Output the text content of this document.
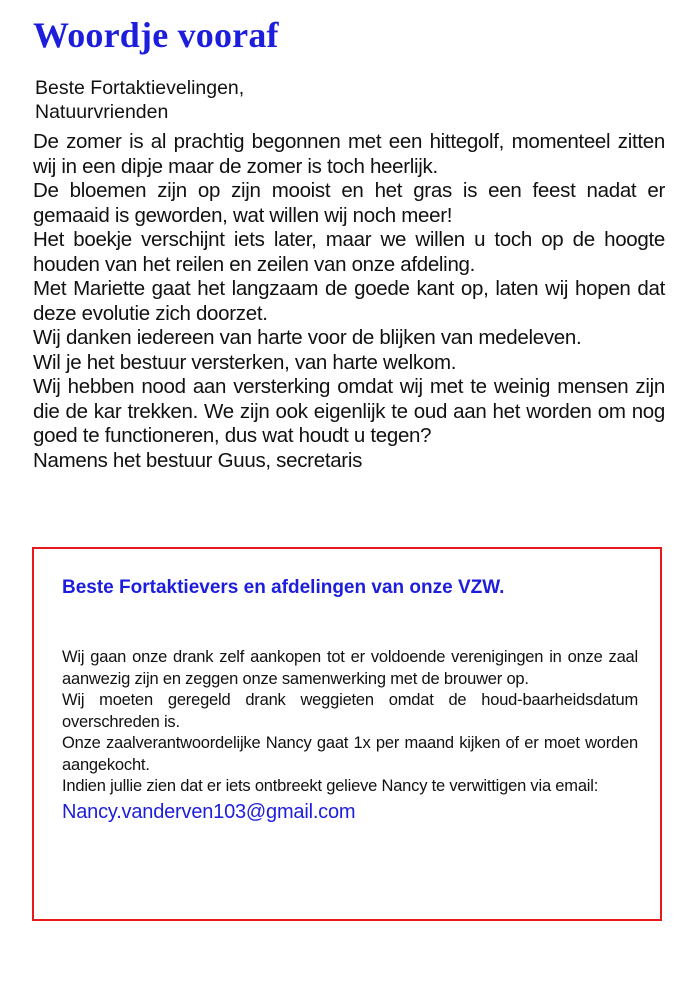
Woordje vooraf
Beste Fortaktievelingen,
Natuurvrienden

De zomer is al prachtig begonnen met een hittegolf, momenteel zitten wij in een dipje maar de zomer is toch heerlijk.

De bloemen zijn op zijn mooist en het gras is een feest nadat er gemaaid is geworden, wat willen wij noch meer!

Het boekje verschijnt iets later, maar we willen u toch op de hoogte houden van het reilen en zeilen van onze afdeling.

Met Mariette gaat het langzaam de goede kant op, laten wij hopen dat deze evolutie zich doorzet.

Wij danken iedereen van harte voor de blijken van medeleven.

Wil je het bestuur versterken, van harte welkom.

Wij hebben nood aan versterking omdat wij met te weinig mensen zijn die de kar trekken. We zijn ook eigenlijk te oud aan het worden om nog goed te functioneren, dus wat houdt u tegen?

Namens het bestuur Guus, secretaris

Beste Fortaktievers en afdelingen van onze VZW.

Wij gaan onze drank zelf aankopen tot er voldoende verenigingen in onze zaal aanwezig zijn en zeggen onze samenwerking met de brouwer op.

Wij moeten geregeld drank weggieten omdat de houd-baarheidsdatum overschreden is.

Onze zaalverantwoordelijke Nancy gaat 1x per maand kijken of er moet worden aangekocht.

Indien jullie zien dat er iets ontbreekt gelieve Nancy te verwittigen via email:

Nancy.vanderven103@gmail.com
